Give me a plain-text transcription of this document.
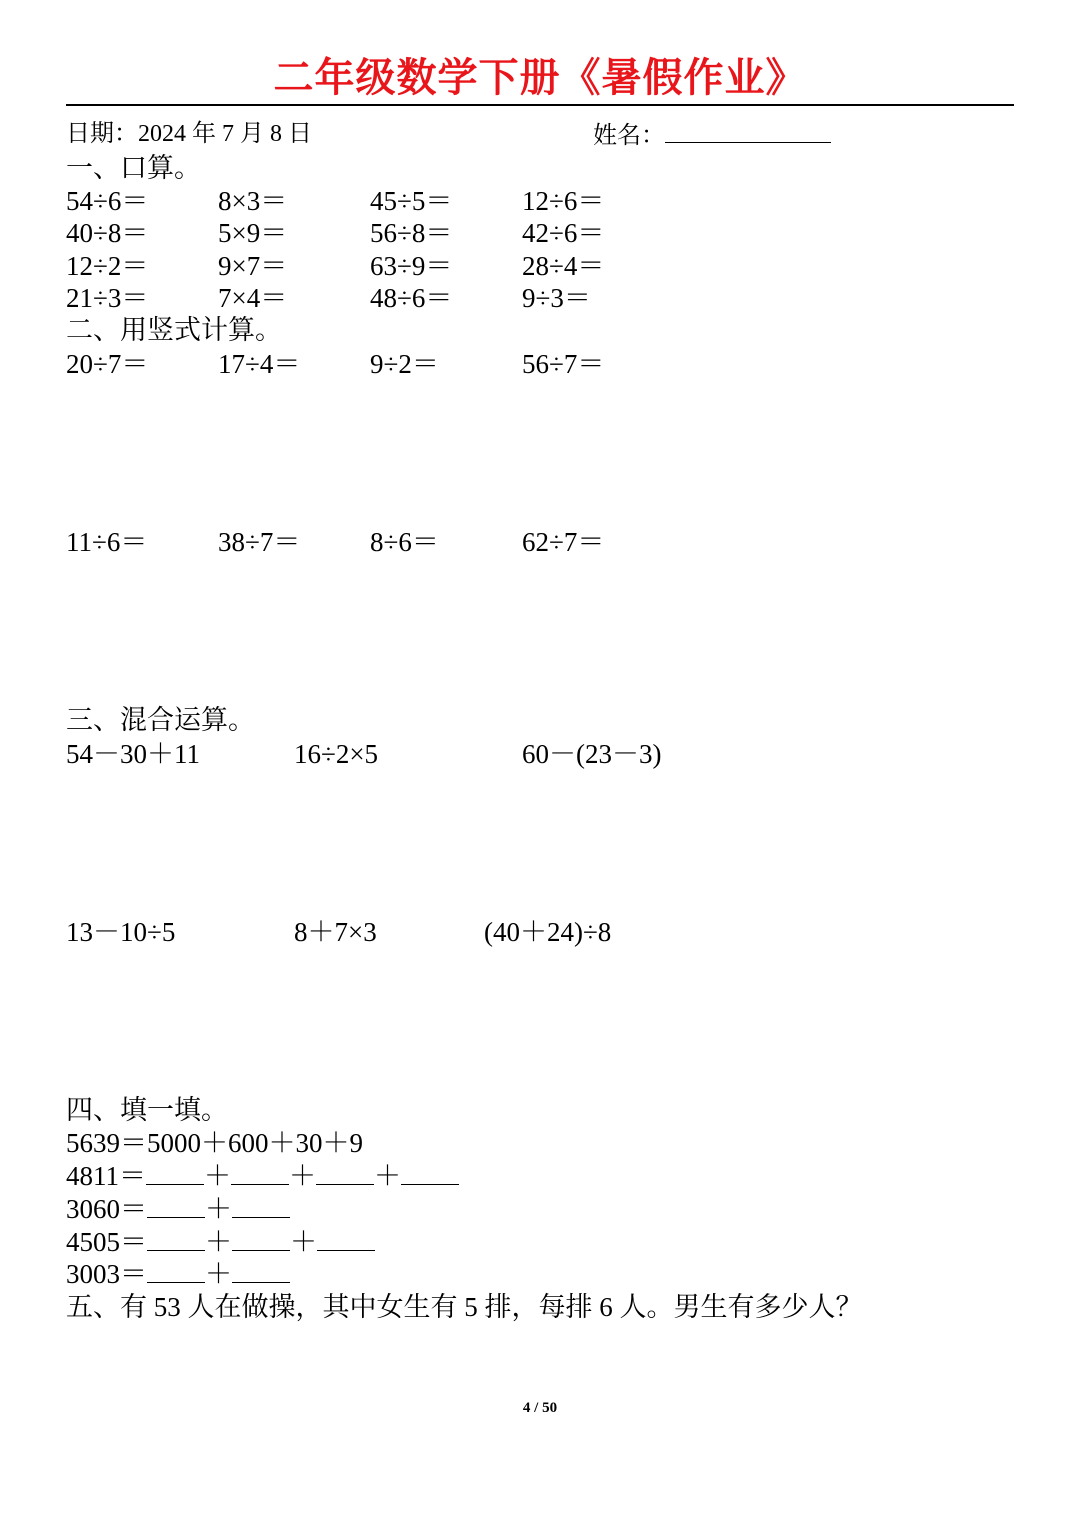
二年级数学下册《暑假作业》
日期：2024 年 7 月 8 日	姓名：
一、口算。
54÷6＝	8×3＝	45÷5＝	12÷6＝
40÷8＝	5×9＝	56÷8＝	42÷6＝
12÷2＝	9×7＝	63÷9＝	28÷4＝
21÷3＝	7×4＝	48÷6＝	9÷3＝
二、用竖式计算。
20÷7＝	17÷4＝	9÷2＝	56÷7＝
11÷6＝	38÷7＝	8÷6＝	62÷7＝
三、混合运算。
54－30＋11	16÷2×5	60－(23－3)
13－10÷5	8＋7×3	(40＋24)÷8
四、填一填。
5639＝5000＋600＋30＋9
4811＝ ＋ ＋ ＋
3060＝ ＋
4505＝ ＋ ＋
3003＝ ＋
五、有 53 人在做操，其中女生有 5 排，每排 6 人。男生有多少人？
4 / 50
